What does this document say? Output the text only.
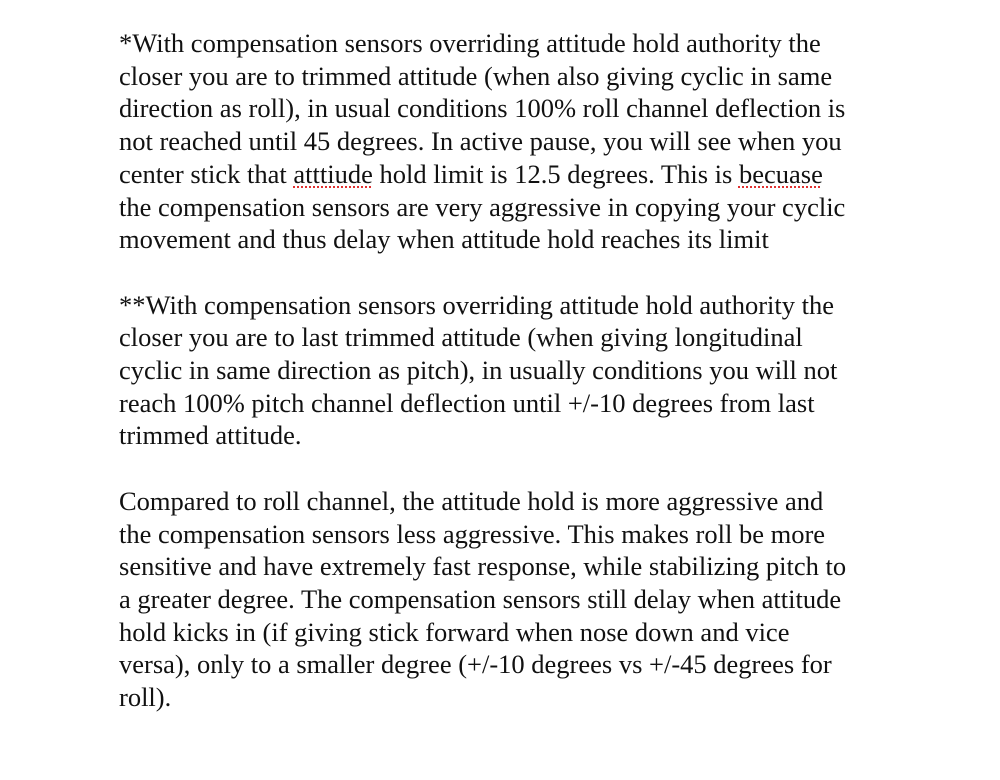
*With compensation sensors overriding attitude hold authority the
closer you are to trimmed attitude (when also giving cyclic in same
direction as roll), in usual conditions 100% roll channel deflection is
not reached until 45 degrees. In active pause, you will see when you
center stick that atttiude hold limit is 12.5 degrees. This is becuase
the compensation sensors are very aggressive in copying your cyclic
movement and thus delay when attitude hold reaches its limit

**With compensation sensors overriding attitude hold authority the
closer you are to last trimmed attitude (when giving longitudinal
cyclic in same direction as pitch), in usually conditions you will not
reach 100% pitch channel deflection until +/-10 degrees from last
trimmed attitude.

Compared to roll channel, the attitude hold is more aggressive and
the compensation sensors less aggressive. This makes roll be more
sensitive and have extremely fast response, while stabilizing pitch to
a greater degree. The compensation sensors still delay when attitude
hold kicks in (if giving stick forward when nose down and vice
versa), only to a smaller degree (+/-10 degrees vs +/-45 degrees for
roll).
